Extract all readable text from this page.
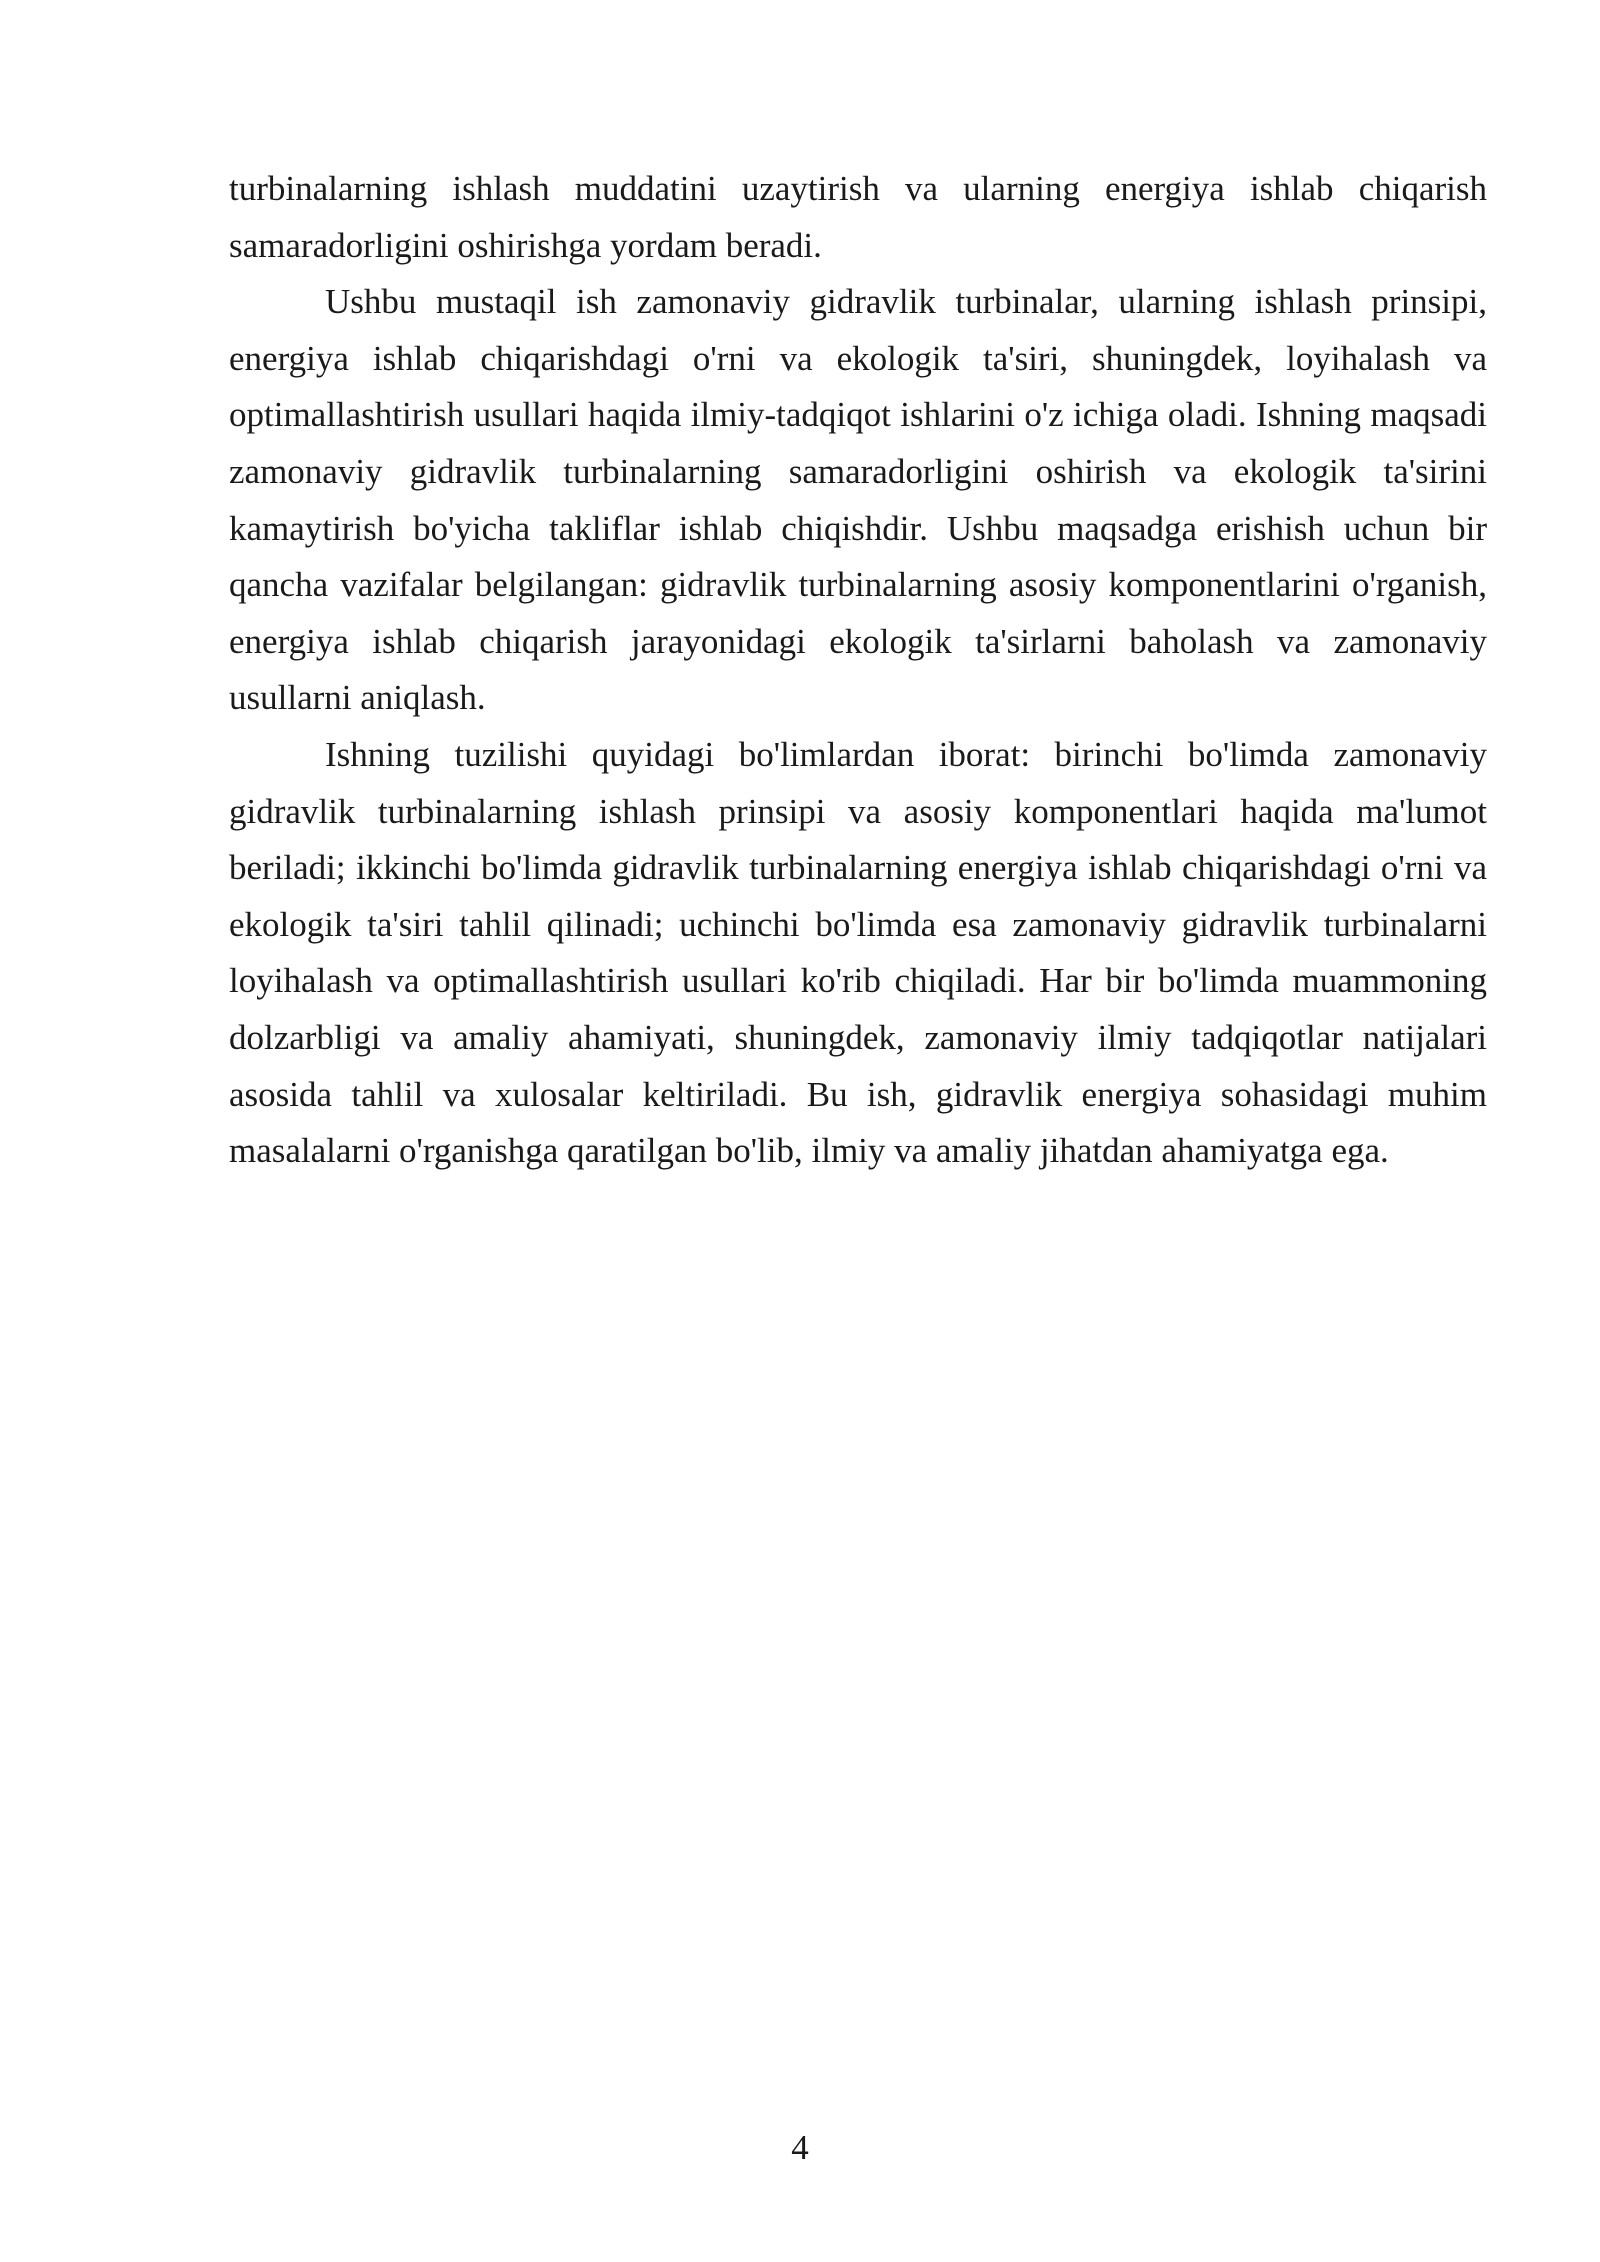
turbinalarning ishlash muddatini uzaytirish va ularning energiya ishlab chiqarish samaradorligini oshirishga yordam beradi.

Ushbu mustaqil ish zamonaviy gidravlik turbinalar, ularning ishlash prinsipi, energiya ishlab chiqarishdagi o'rni va ekologik ta'siri, shuningdek, loyihalash va optimallashtirish usullari haqida ilmiy-tadqiqot ishlarini o'z ichiga oladi. Ishning maqsadi zamonaviy gidravlik turbinalarning samaradorligini oshirish va ekologik ta'sirini kamaytirish bo'yicha takliflar ishlab chiqishdir. Ushbu maqsadga erishish uchun bir qancha vazifalar belgilangan: gidravlik turbinalarning asosiy komponentlarini o'rganish, energiya ishlab chiqarish jarayonidagi ekologik ta'sirlarni baholash va zamonaviy usullarni aniqlash.

Ishning tuzilishi quyidagi bo'limlardan iborat: birinchi bo'limda zamonaviy gidravlik turbinalarning ishlash prinsipi va asosiy komponentlari haqida ma'lumot beriladi; ikkinchi bo'limda gidravlik turbinalarning energiya ishlab chiqarishdagi o'rni va ekologik ta'siri tahlil qilinadi; uchinchi bo'limda esa zamonaviy gidravlik turbinalarni loyihalash va optimallashtirish usullari ko'rib chiqiladi. Har bir bo'limda muammoning dolzarbligi va amaliy ahamiyati, shuningdek, zamonaviy ilmiy tadqiqotlar natijalari asosida tahlil va xulosalar keltiriladi. Bu ish, gidravlik energiya sohasidagi muhim masalalarni o'rganishga qaratilgan bo'lib, ilmiy va amaliy jihatdan ahamiyatga ega.

4
